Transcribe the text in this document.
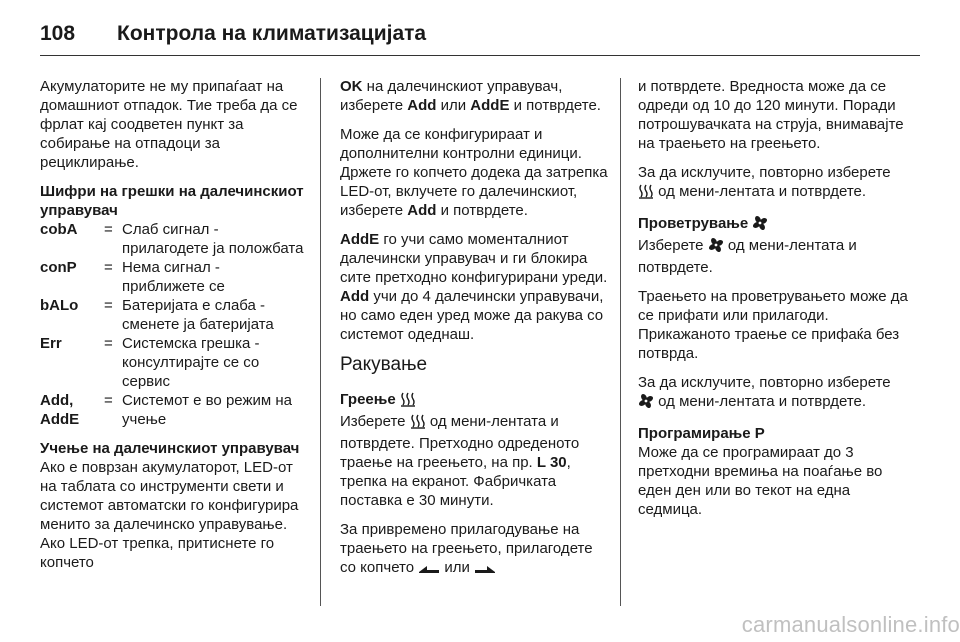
108	Контрола на климатизацијата

Акумулаторите не му припаѓаат на домашниот отпадок. Тие треба да се фрлат кај соодветен пункт за собирање на отпадоци за рециклирање.

Шифри на грешки на далечинскиот управувач

cobA	=	Слаб сигнал - прилагодете ја положбата
conP	=	Нема сигнал - приближете се
bALo	=	Батеријата е слаба - сменете ја батеријата
Err	=	Системска грешка - консултирајте се со сервис
Add, AddE	=	Системот е во режим на учење

Учење на далечинскиот управувач

Ако е поврзан акумулаторот, LED-от на таблата со инструменти свети и системот автоматски го конфигурира менито за далечинско управување. Ако LED-от трепка, притиснете го копчето

OK на далечинскиот управувач, изберете Add или AddE и потврдете.

Може да се конфигурираат и дополнителни контролни единици. Држете го копчето додека да затрепка LED-от, вклучете го далечинскиот, изберете Add и потврдете.

AddE го учи само моменталниот далечински управувач и ги блокира сите претходно конфигурирани уреди. Add учи до 4 далечински управувачи, но само еден уред може да ракува со системот одеднаш.

Ракување

Греење

Изберете  од мени-лентата и потврдете. Претходно одреденото траење на греењето, на пр. L 30, трепка на екранот. Фабричката поставка е 30 минути.

За привремено прилагодување на траењето на греењето, прилагодете со копчето  или

и потврдете. Вредноста може да се одреди од 10 до 120 минути. Поради потрошувачката на струја, внимавајте на траењето на греењето.

За да исклучите, повторно изберете  од мени-лентата и потврдете.

Проветрување

Изберете  од мени-лентата и потврдете.

Траењето на проветрувањето може да се прифати или прилагоди. Прикажаното траење се прифаќа без потврда.

За да исклучите, повторно изберете  од мени-лентата и потврдете.

Програмирање P

Може да се програмираат до 3 претходни времиња на поаѓање во еден ден или во текот на една седмица.

carmanualsonline.info
